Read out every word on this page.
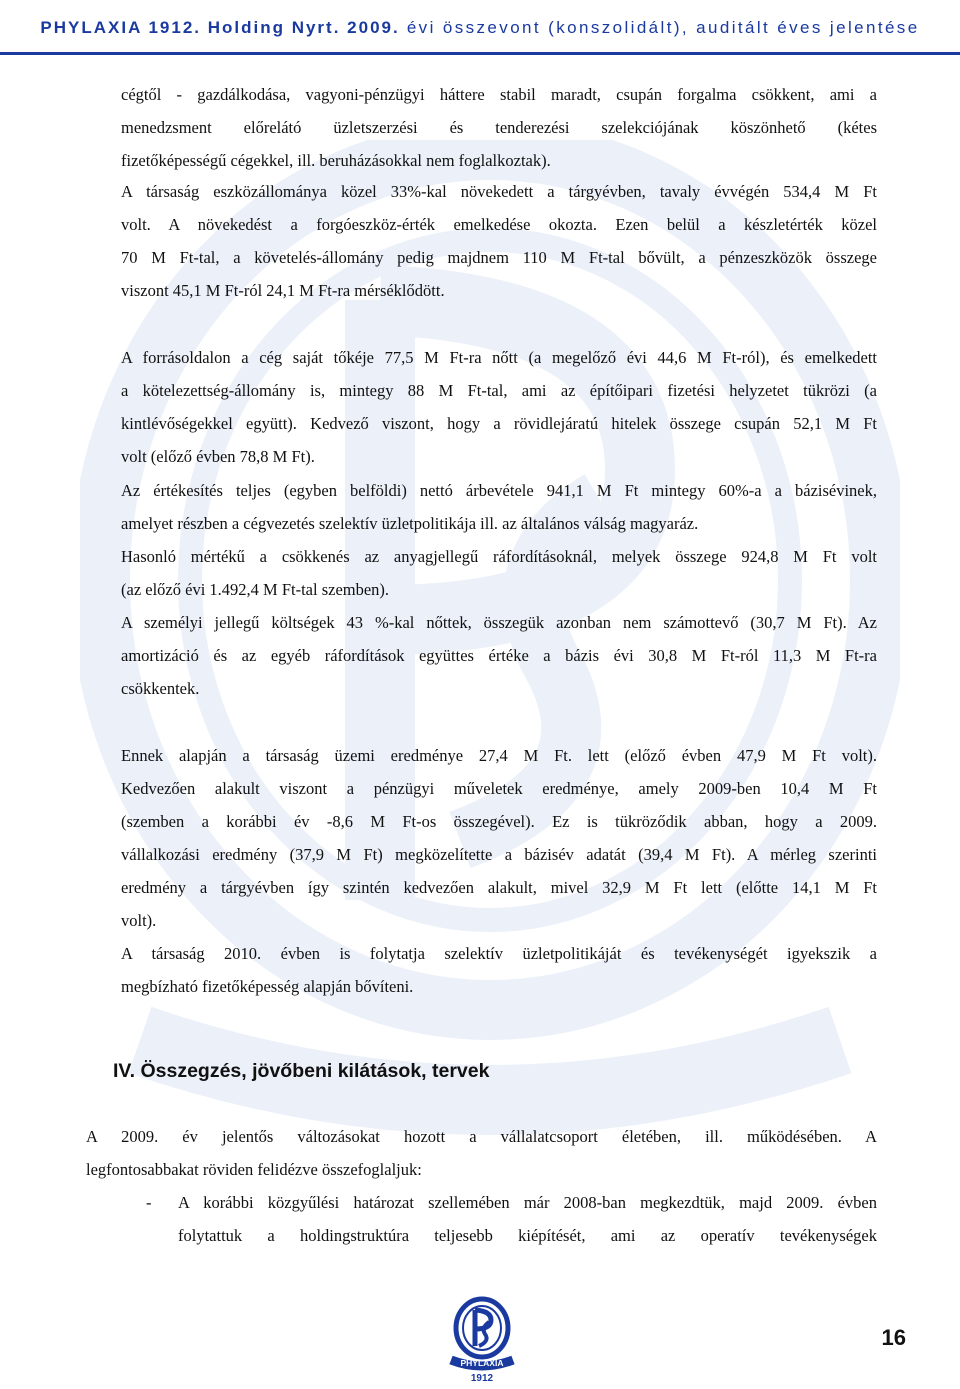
PHYLAXIA 1912. Holding Nyrt. 2009. évi összevont (konszolidált), auditált éves jelentése
cégtől - gazdálkodása, vagyoni-pénzügyi háttere stabil maradt, csupán forgalma csökkent, ami a
menedzsment előrelátó üzletszerzési és tenderezési szelekciójának köszönhető (kétes
fizetőképességű cégekkel, ill. beruházásokkal nem foglalkoztak).
A társaság eszközállománya közel 33%-kal növekedett a tárgyévben, tavaly évvégén 534,4 M Ft
volt. A növekedést a forgóeszköz-érték emelkedése okozta. Ezen belül a készletérték közel
70 M Ft-tal, a követelés-állomány pedig majdnem 110 M Ft-tal bővült, a pénzeszközök összege
viszont 45,1 M Ft-ról 24,1 M Ft-ra mérséklődött.
A forrásoldalon a cég saját tőkéje 77,5 M Ft-ra nőtt (a megelőző évi 44,6 M Ft-ról), és emelkedett
a kötelezettség-állomány is, mintegy 88 M Ft-tal, ami az építőipari fizetési helyzetet tükrözi (a
kintlévőségekkel együtt). Kedvező viszont, hogy a rövidlejáratú hitelek összege csupán 52,1 M Ft
volt (előző évben 78,8 M Ft).
Az értékesítés teljes (egyben belföldi) nettó árbevétele 941,1 M Ft mintegy 60%-a a bázisévinek,
amelyet részben a cégvezetés szelektív üzletpolitikája ill. az általános válság magyaráz.
Hasonló mértékű a csökkenés az anyagjellegű ráfordításoknál, melyek összege 924,8 M Ft volt
(az előző évi 1.492,4 M Ft-tal szemben).
A személyi jellegű költségek 43 %-kal nőttek, összegük azonban nem számottevő (30,7 M Ft). Az
amortizáció és az egyéb ráfordítások együttes értéke a bázis évi 30,8 M Ft-ról 11,3 M Ft-ra
csökkentek.
Ennek alapján a társaság üzemi eredménye 27,4 M Ft. lett (előző évben 47,9 M Ft volt).
Kedvezően alakult viszont a pénzügyi műveletek eredménye, amely 2009-ben 10,4 M Ft
(szemben a korábbi év -8,6 M Ft-os összegével). Ez is tükröződik abban, hogy a 2009.
vállalkozási eredmény (37,9 M Ft) megközelítette a bázisév adatát (39,4 M Ft). A mérleg szerinti
eredmény a tárgyévben így szintén kedvezően alakult, mivel 32,9 M Ft lett (előtte 14,1 M Ft
volt).
A társaság 2010. évben is folytatja szelektív üzletpolitikáját és tevékenységét igyekszik a
megbízható fizetőképesség alapján bővíteni.
IV. Összegzés, jövőbeni kilátások, tervek
A 2009. év jelentős változásokat hozott a vállalatcsoport életében, ill. működésében. A
legfontosabbakat röviden felidézve összefoglaljuk:
- A korábbi közgyűlési határozat szellemében már 2008-ban megkezdtük, majd 2009. évben
folytattuk a holdingstruktúra teljesebb kiépítését, ami az operatív tevékenységek
PHYLAXIA
1912
16
